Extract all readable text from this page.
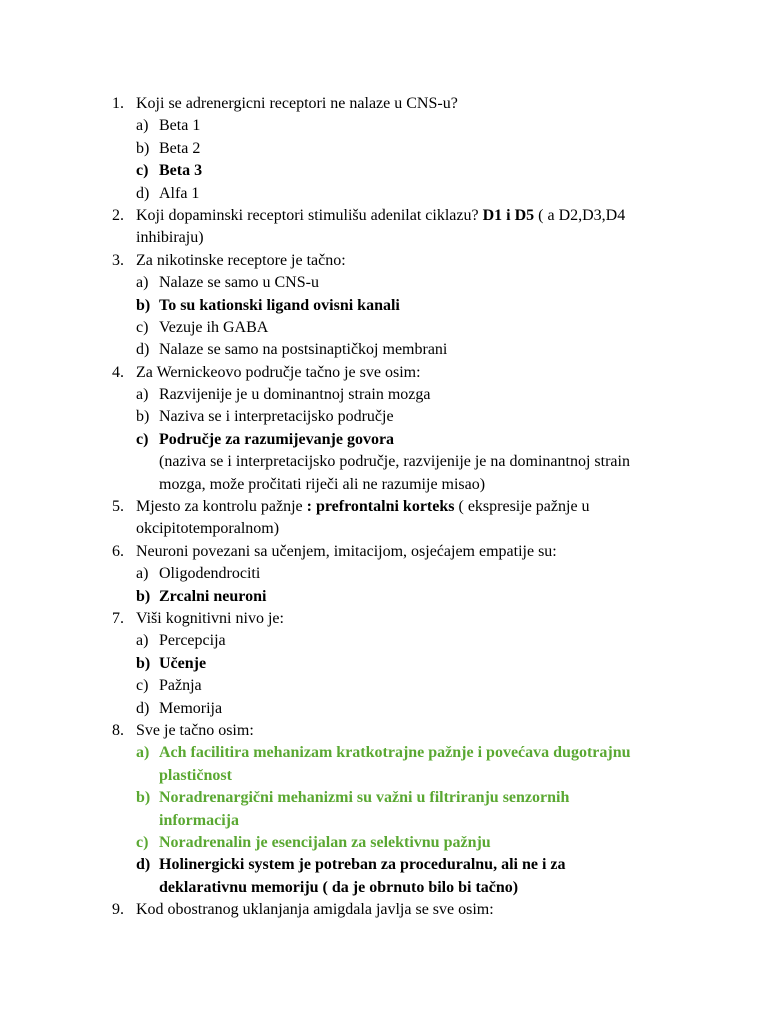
1. Koji se adrenergicni receptori ne nalaze u CNS-u?
a) Beta 1
b) Beta 2
c) Beta 3
d) Alfa 1
2. Koji dopaminski receptori stimulišu adenilat ciklazu? D1 i D5 ( a D2,D3,D4
inhibiraju)
3. Za nikotinske receptore je tačno:
a) Nalaze se samo u CNS-u
b) To su kationski ligand ovisni kanali
c) Vezuje ih GABA
d) Nalaze se samo na postsinaptičkoj membrani
4. Za Wernickeovo područje tačno je sve osim:
a) Razvijenije je u dominantnoj strain mozga
b) Naziva se i interpretacijsko područje
c) Područje za razumijevanje govora
(naziva se i interpretacijsko područje, razvijenije je na dominantnoj strain
mozga, može pročitati riječi ali ne razumije misao)
5. Mjesto za kontrolu pažnje : prefrontalni korteks ( ekspresije pažnje u
okcipitotemporalnom)
6. Neuroni povezani sa učenjem, imitacijom, osjećajem empatije su:
a) Oligodendrociti
b) Zrcalni neuroni
7. Viši kognitivni nivo je:
a) Percepcija
b) Učenje
c) Pažnja
d) Memorija
8. Sve je tačno osim:
a) Ach facilitira mehanizam kratkotrajne pažnje i povećava dugotrajnu
plastičnost
b) Noradrenargični mehanizmi su važni u filtriranju senzornih
informacija
c) Noradrenalin je esencijalan za selektivnu pažnju
d) Holinergicki system je potreban za proceduralnu, ali ne i za
deklarativnu memoriju ( da je obrnuto bilo bi tačno)
9. Kod obostranog uklanjanja amigdala javlja se sve osim:
